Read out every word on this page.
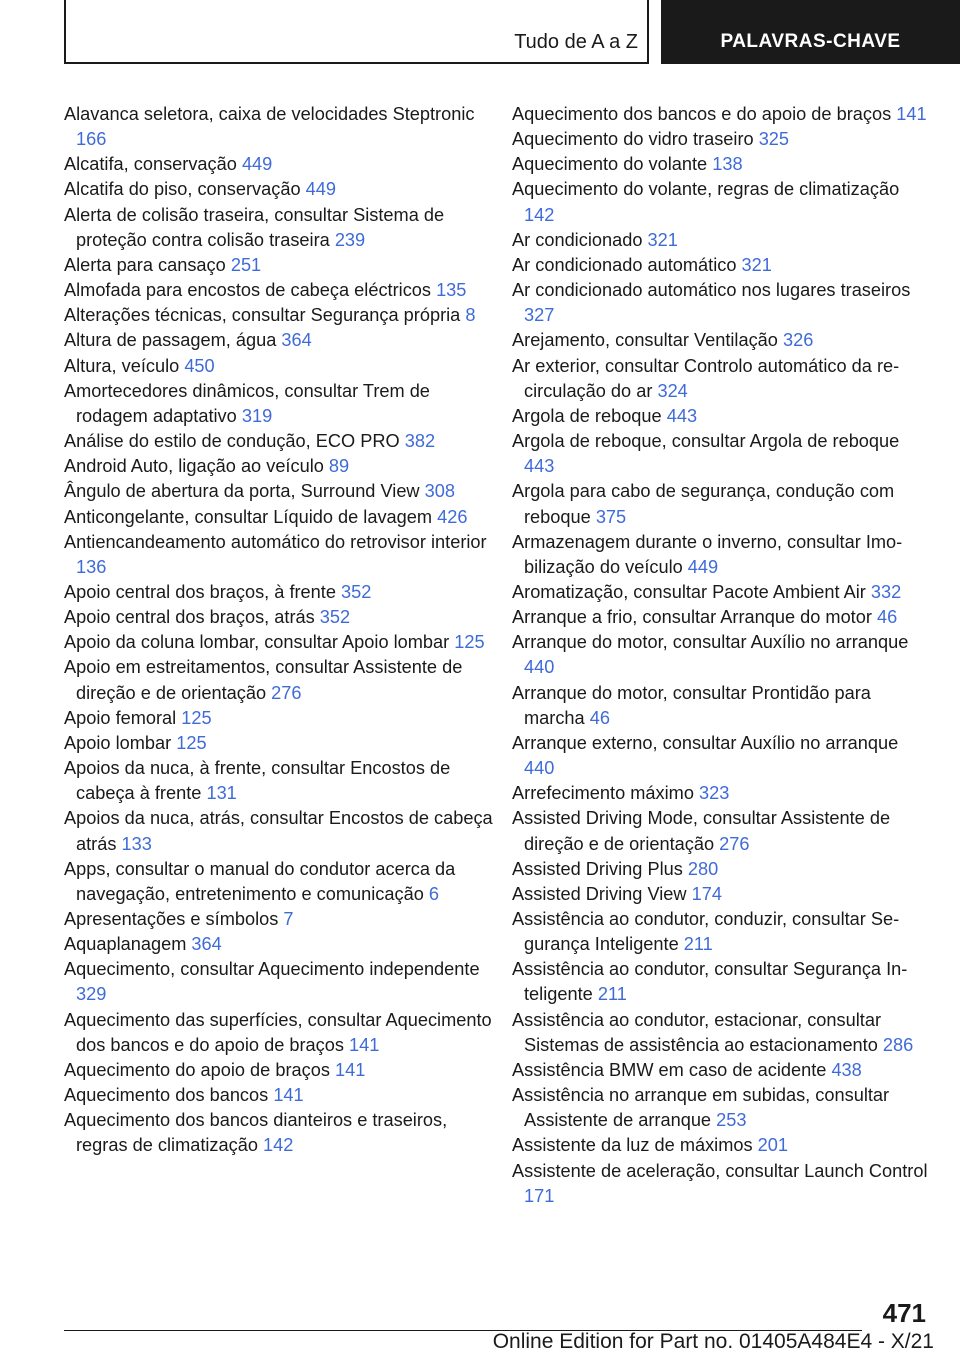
Tudo de A a Z	PALAVRAS-CHAVE
Alavanca seletora, caixa de velocidades Steptronic 166
Alcatifa, conservação 449
Alcatifa do piso, conservação 449
Alerta de colisão traseira, consultar Sistema de proteção contra colisão traseira 239
Alerta para cansaço 251
Almofada para encostos de cabeça eléctricos 135
Alterações técnicas, consultar Segurança própria 8
Altura de passagem, água 364
Altura, veículo 450
Amortecedores dinâmicos, consultar Trem de rodagem adaptativo 319
Análise do estilo de condução, ECO PRO 382
Android Auto, ligação ao veículo 89
Ângulo de abertura da porta, Surround View 308
Anticongelante, consultar Líquido de lavagem 426
Antiencandeamento automático do retrovisor interior 136
Apoio central dos braços, à frente 352
Apoio central dos braços, atrás 352
Apoio da coluna lombar, consultar Apoio lombar 125
Apoio em estreitamentos, consultar Assistente de direção e de orientação 276
Apoio femoral 125
Apoio lombar 125
Apoios da nuca, à frente, consultar Encostos de cabeça à frente 131
Apoios da nuca, atrás, consultar Encostos de cabeça atrás 133
Apps, consultar o manual do condutor acerca da navegação, entretenimento e comunicação 6
Apresentações e símbolos 7
Aquaplanagem 364
Aquecimento, consultar Aquecimento independente 329
Aquecimento das superfícies, consultar Aquecimento dos bancos e do apoio de braços 141
Aquecimento do apoio de braços 141
Aquecimento dos bancos 141
Aquecimento dos bancos dianteiros e traseiros, regras de climatização 142
Aquecimento dos bancos e do apoio de braços 141
Aquecimento do vidro traseiro 325
Aquecimento do volante 138
Aquecimento do volante, regras de climatização 142
Ar condicionado 321
Ar condicionado automático 321
Ar condicionado automático nos lugares traseiros 327
Arejamento, consultar Ventilação 326
Ar exterior, consultar Controlo automático da recirculação do ar 324
Argola de reboque 443
Argola de reboque, consultar Argola de reboque 443
Argola para cabo de segurança, condução com reboque 375
Armazenagem durante o inverno, consultar Imobilização do veículo 449
Aromatização, consultar Pacote Ambient Air 332
Arranque a frio, consultar Arranque do motor 46
Arranque do motor, consultar Auxílio no arranque 440
Arranque do motor, consultar Prontidão para marcha 46
Arranque externo, consultar Auxílio no arranque 440
Arrefecimento máximo 323
Assisted Driving Mode, consultar Assistente de direção e de orientação 276
Assisted Driving Plus 280
Assisted Driving View 174
Assistência ao condutor, conduzir, consultar Segurança Inteligente 211
Assistência ao condutor, consultar Segurança Inteligente 211
Assistência ao condutor, estacionar, consultar Sistemas de assistência ao estacionamento 286
Assistência BMW em caso de acidente 438
Assistência no arranque em subidas, consultar Assistente de arranque 253
Assistente da luz de máximos 201
Assistente de aceleração, consultar Launch Control 171
471
Online Edition for Part no. 01405A484E4 - X/21
